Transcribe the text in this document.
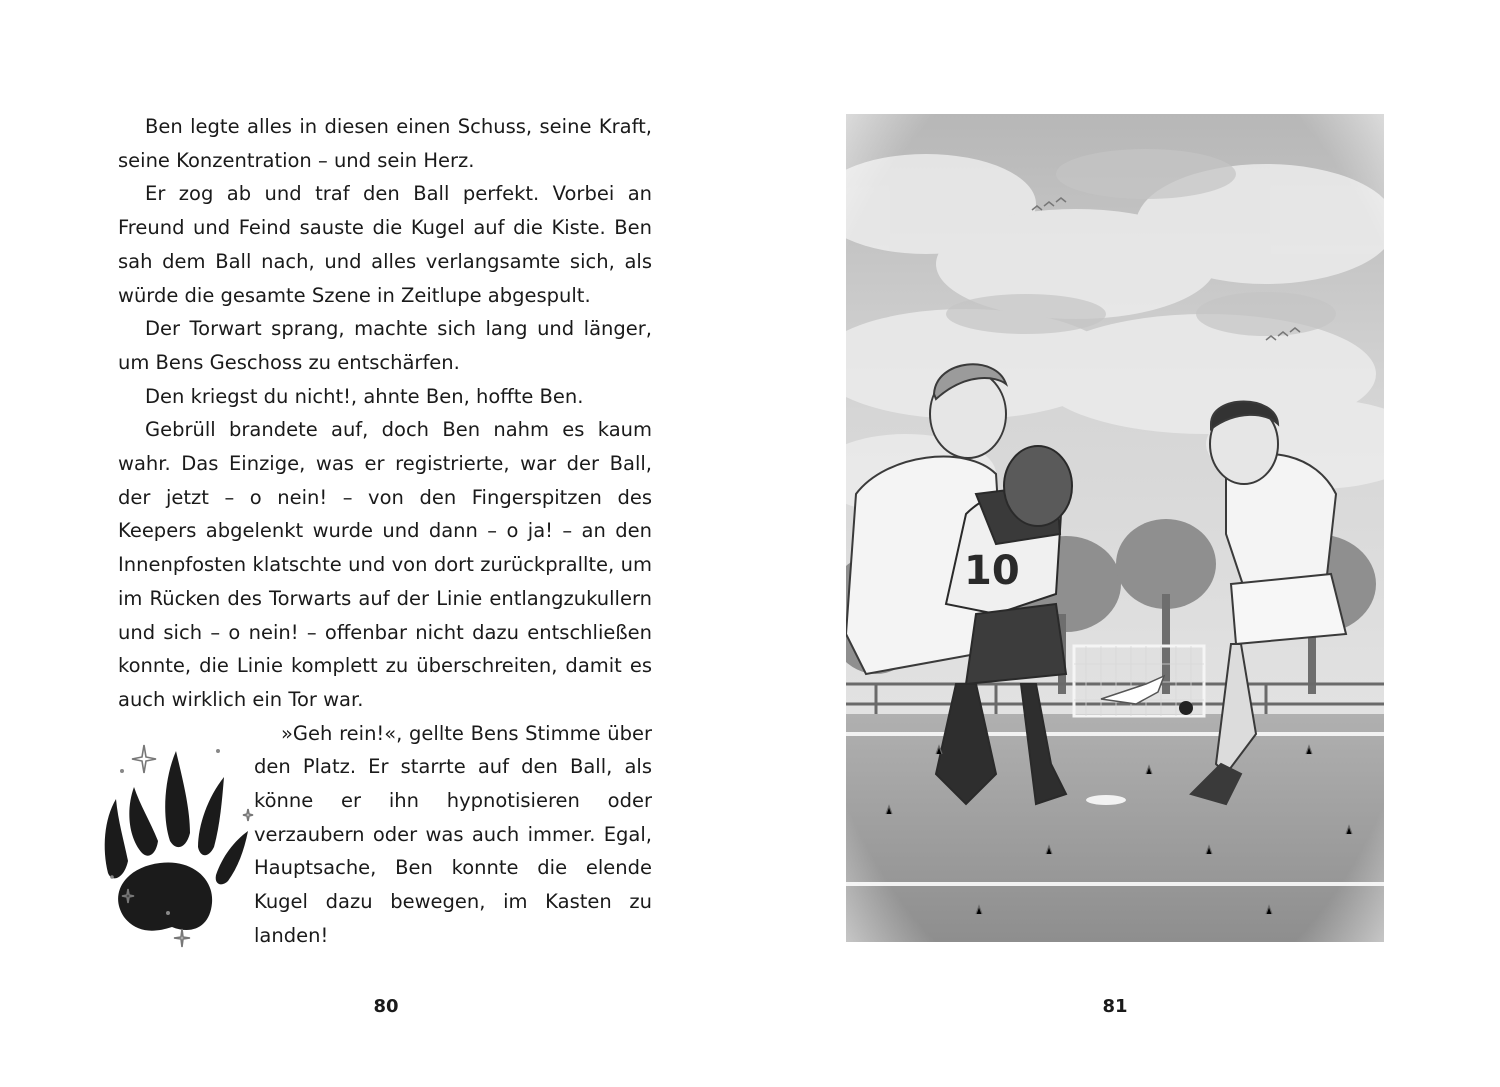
Ben legte alles in diesen einen Schuss, seine Kraft, seine Konzentration – und sein Herz.

Er zog ab und traf den Ball perfekt. Vorbei an Freund und Feind sauste die Kugel auf die Kiste. Ben sah dem Ball nach, und alles verlangsamte sich, als würde die gesamte Szene in Zeitlupe abgespult.

Der Torwart sprang, machte sich lang und länger, um Bens Geschoss zu entschärfen.

Den kriegst du nicht!, ahnte Ben, hoffte Ben.

Gebrüll brandete auf, doch Ben nahm es kaum wahr. Das Einzige, was er registrierte, war der Ball, der jetzt – o nein! – von den Fingerspitzen des Keepers abgelenkt wurde und dann – o ja! – an den Innenpfosten klatschte und von dort zurückprallte, um im Rücken des Torwarts auf der Linie entlangzukullern und sich – o nein! – offenbar nicht dazu entschließen konnte, die Linie komplett zu überschreiten, damit es auch wirklich ein Tor war.

»Geh rein!«, gellte Bens Stimme über den Platz. Er starrte auf den Ball, als könne er ihn hypnotisieren oder verzaubern oder was auch immer. Egal, Hauptsache, Ben konnte die elende Kugel dazu bewegen, im Kasten zu landen!

80	81
